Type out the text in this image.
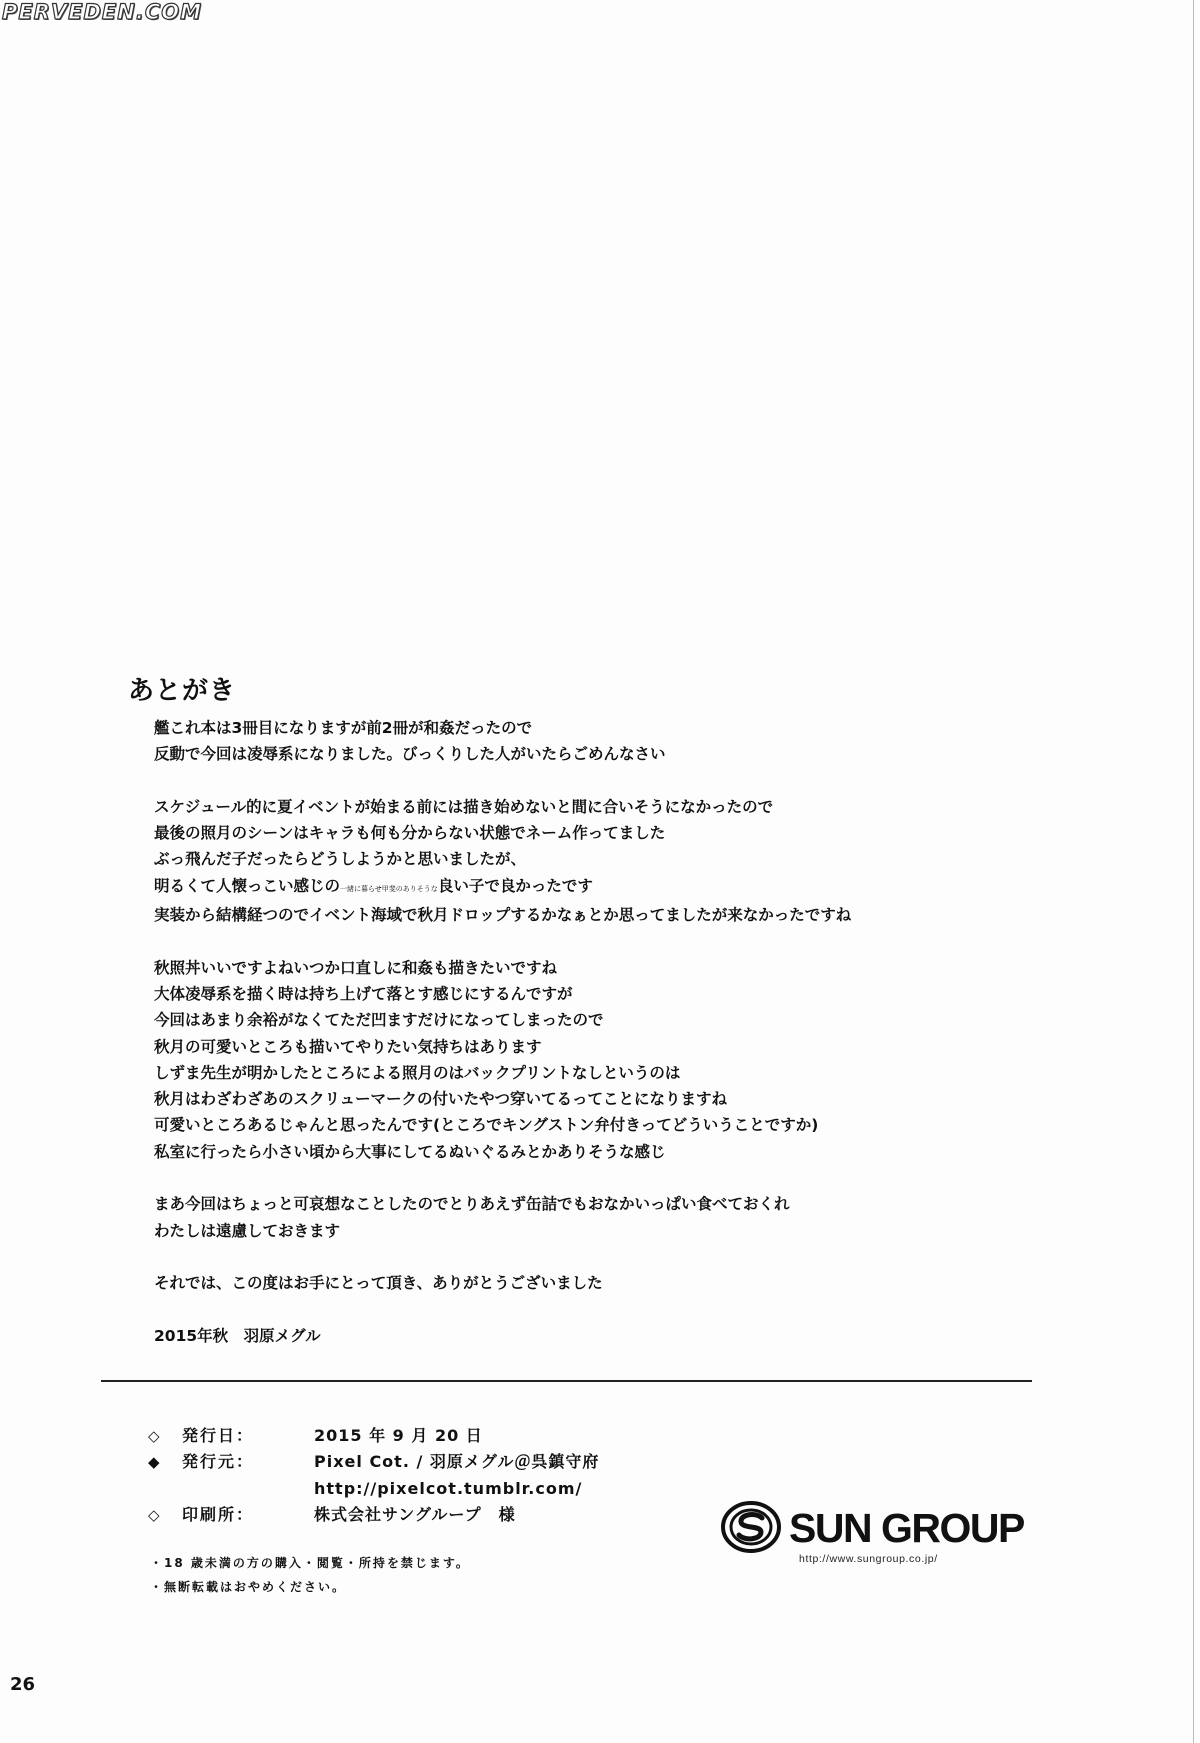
PERVEDEN.COM
あとがき
艦これ本は3冊目になりますが前2冊が和姦だったので
反動で今回は凌辱系になりました。びっくりした人がいたらごめんなさい
スケジュール的に夏イベントが始まる前には描き始めないと間に合いそうになかったので
最後の照月のシーンはキャラも何も分からない状態でネーム作ってました
ぶっ飛んだ子だったらどうしようかと思いましたが、
明るくて人懐っこい感じの一緒に暮らせ甲斐のありそうな良い子で良かったです
実装から結構経つのでイベント海域で秋月ドロップするかなぁとか思ってましたが来なかったですね
秋照丼いいですよねいつか口直しに和姦も描きたいですね
大体凌辱系を描く時は持ち上げて落とす感じにするんですが
今回はあまり余裕がなくてただ凹ますだけになってしまったので
秋月の可愛いところも描いてやりたい気持ちはあります
しずま先生が明かしたところによる照月のはバックプリントなしというのは
秋月はわざわざあのスクリューマークの付いたやつ穿いてるってことになりますね
可愛いところあるじゃんと思ったんです(ところでキングストン弁付きってどういうことですか)
私室に行ったら小さい頃から大事にしてるぬいぐるみとかありそうな感じ
まあ今回はちょっと可哀想なことしたのでとりあえず缶詰でもおなかいっぱい食べておくれ
わたしは遠慮しておきます
それでは、この度はお手にとって頂き、ありがとうございました
2015年秋　羽原メグル
◇	発行日：	2015 年 9 月 20 日
◆	発行元：	Pixel Cot. / 羽原メグル＠呉鎮守府
http://pixelcot.tumblr.com/
◇	印刷所：	株式会社サングループ　様
・18 歳未満の方の購入・閲覧・所持を禁じます。
・無断転載はおやめください。
SUN GROUP
http://www.sungroup.co.jp/
26
